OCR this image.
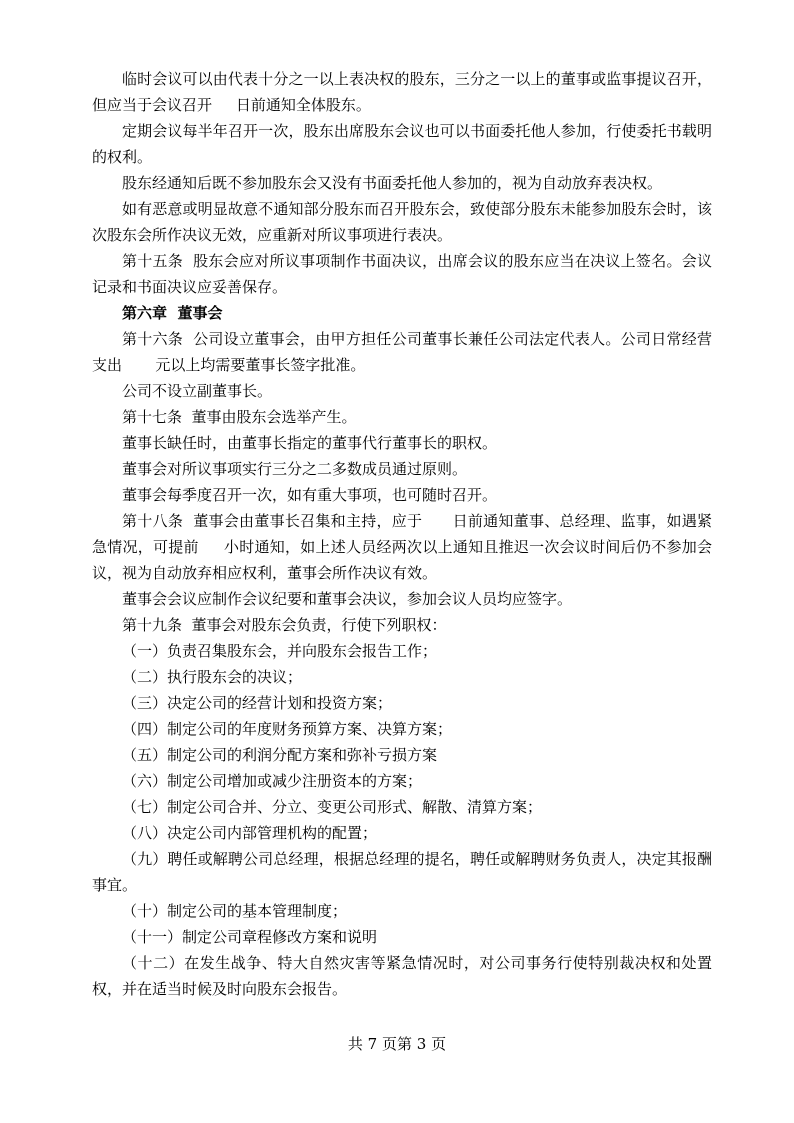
临时会议可以由代表十分之一以上表决权的股东，三分之一以上的董事或监事提议召开，但应当于会议召开     日前通知全体股东。

定期会议每半年召开一次，股东出席股东会议也可以书面委托他人参加，行使委托书载明的权利。

股东经通知后既不参加股东会又没有书面委托他人参加的，视为自动放弃表决权。

如有恶意或明显故意不通知部分股东而召开股东会，致使部分股东未能参加股东会时，该次股东会所作决议无效，应重新对所议事项进行表决。

第十五条  股东会应对所议事项制作书面决议，出席会议的股东应当在决议上签名。会议记录和书面决议应妥善保存。

第六章  董事会

第十六条  公司设立董事会，由甲方担任公司董事长兼任公司法定代表人。公司日常经营支出       元以上均需要董事长签字批准。

公司不设立副董事长。

第十七条  董事由股东会选举产生。

董事长缺任时，由董事长指定的董事代行董事长的职权。

董事会对所议事项实行三分之二多数成员通过原则。

董事会每季度召开一次，如有重大事项，也可随时召开。

第十八条  董事会由董事长召集和主持，应于      日前通知董事、总经理、监事，如遇紧急情况，可提前     小时通知，如上述人员经两次以上通知且推迟一次会议时间后仍不参加会议，视为自动放弃相应权利，董事会所作决议有效。

董事会会议应制作会议纪要和董事会决议，参加会议人员均应签字。

第十九条  董事会对股东会负责，行使下列职权：

（一）负责召集股东会，并向股东会报告工作；

（二）执行股东会的决议；

（三）决定公司的经营计划和投资方案；

（四）制定公司的年度财务预算方案、决算方案；

（五）制定公司的利润分配方案和弥补亏损方案

（六）制定公司增加或减少注册资本的方案；

（七）制定公司合并、分立、变更公司形式、解散、清算方案；

（八）决定公司内部管理机构的配置；

（九）聘任或解聘公司总经理，根据总经理的提名，聘任或解聘财务负责人，决定其报酬事宜。

（十）制定公司的基本管理制度；

（十一）制定公司章程修改方案和说明

（十二）在发生战争、特大自然灾害等紧急情况时，对公司事务行使特别裁决权和处置权，并在适当时候及时向股东会报告。

共 7 页第 3 页
